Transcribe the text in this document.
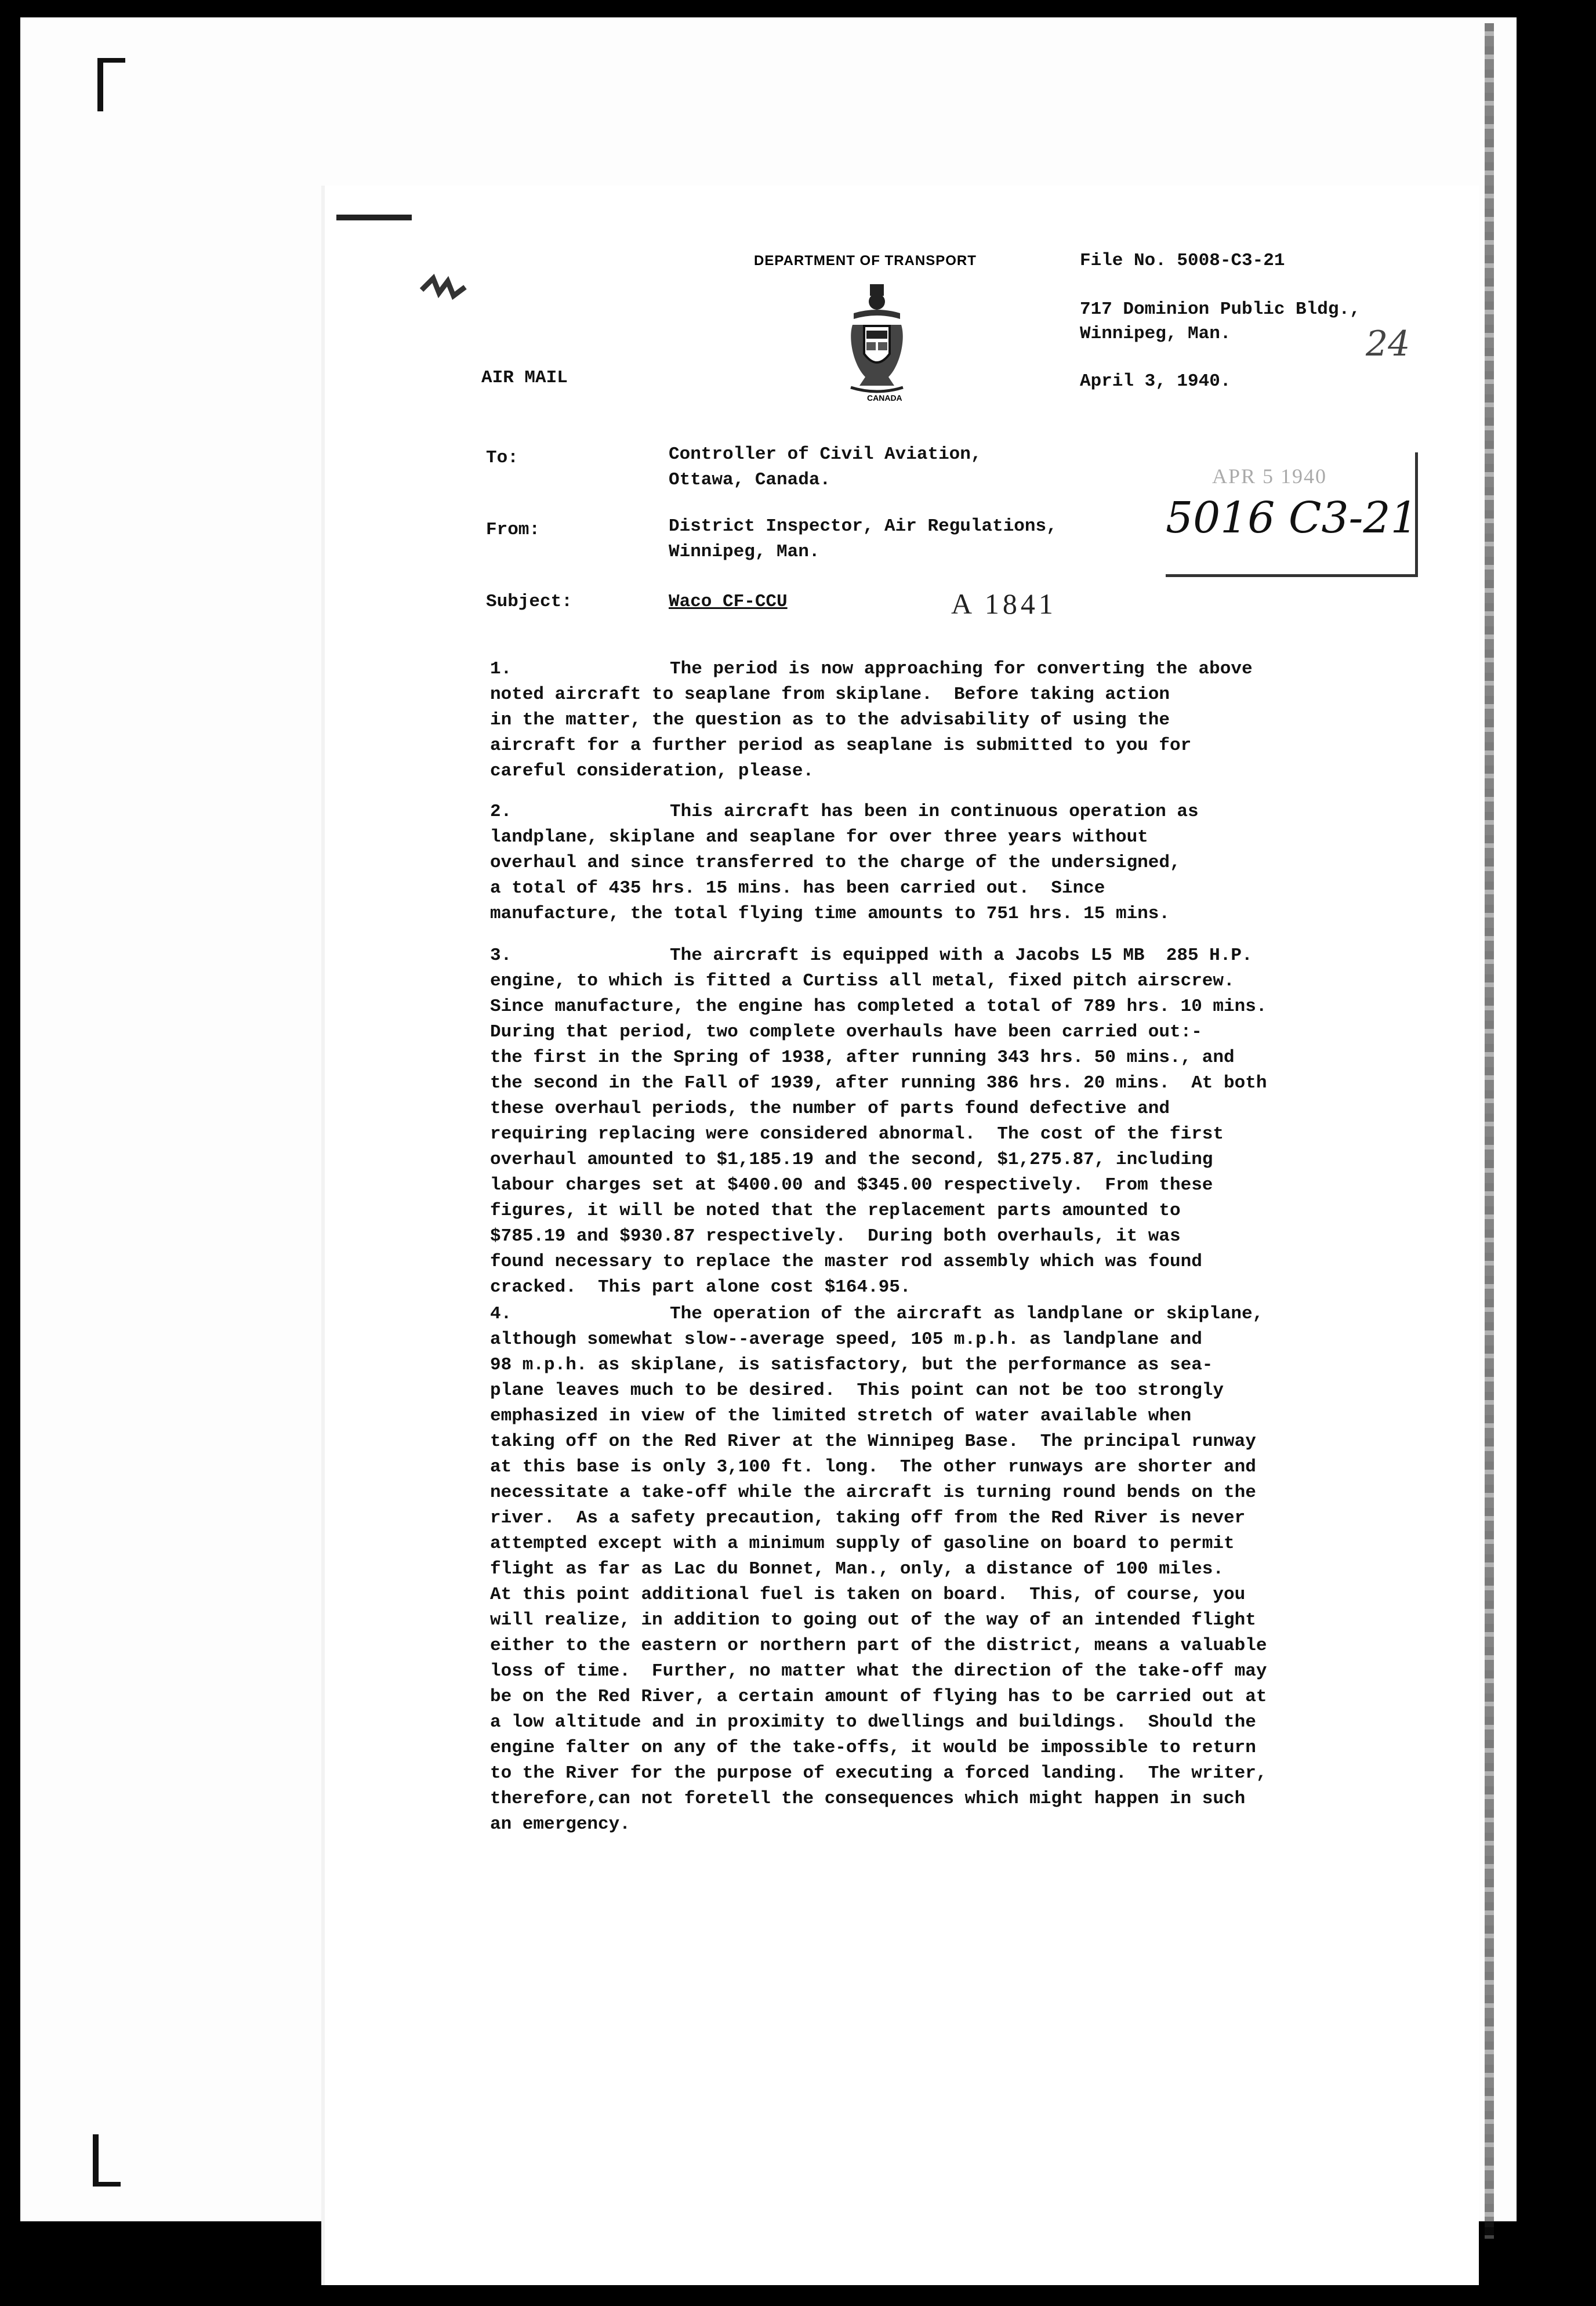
DEPARTMENT OF TRANSPORT
CANADA
File No. 5008-C3-21
717 Dominion Public Bldg.,
Winnipeg, Man.
April 3, 1940.
AIR MAIL
24
APR 5 1940
5016 C3-21
To:	Controller of Civil Aviation,
Ottawa, Canada.
From:	District Inspector, Air Regulations,
Winnipeg, Man.
Subject:	Waco CF-CCU	A 1841
1.	The period is now approaching for converting the above
noted aircraft to seaplane from skiplane.  Before taking action
in the matter, the question as to the advisability of using the
aircraft for a further period as seaplane is submitted to you for
careful consideration, please.
2.	This aircraft has been in continuous operation as
landplane, skiplane and seaplane for over three years without
overhaul and since transferred to the charge of the undersigned,
a total of 435 hrs. 15 mins. has been carried out.  Since
manufacture, the total flying time amounts to 751 hrs. 15 mins.
3.	The aircraft is equipped with a Jacobs L5 MB  285 H.P.
engine, to which is fitted a Curtiss all metal, fixed pitch airscrew.
Since manufacture, the engine has completed a total of 789 hrs. 10 mins.
During that period, two complete overhauls have been carried out:-
the first in the Spring of 1938, after running 343 hrs. 50 mins., and
the second in the Fall of 1939, after running 386 hrs. 20 mins.  At both
these overhaul periods, the number of parts found defective and
requiring replacing were considered abnormal.  The cost of the first
overhaul amounted to $1,185.19 and the second, $1,275.87, including
labour charges set at $400.00 and $345.00 respectively.  From these
figures, it will be noted that the replacement parts amounted to
$785.19 and $930.87 respectively.  During both overhauls, it was
found necessary to replace the master rod assembly which was found
cracked.  This part alone cost $164.95.
4.	The operation of the aircraft as landplane or skiplane,
although somewhat slow--average speed, 105 m.p.h. as landplane and
98 m.p.h. as skiplane, is satisfactory, but the performance as sea-
plane leaves much to be desired.  This point can not be too strongly
emphasized in view of the limited stretch of water available when
taking off on the Red River at the Winnipeg Base.  The principal runway
at this base is only 3,100 ft. long.  The other runways are shorter and
necessitate a take-off while the aircraft is turning round bends on the
river.  As a safety precaution, taking off from the Red River is never
attempted except with a minimum supply of gasoline on board to permit
flight as far as Lac du Bonnet, Man., only, a distance of 100 miles.
At this point additional fuel is taken on board.  This, of course, you
will realize, in addition to going out of the way of an intended flight
either to the eastern or northern part of the district, means a valuable
loss of time.  Further, no matter what the direction of the take-off may
be on the Red River, a certain amount of flying has to be carried out at
a low altitude and in proximity to dwellings and buildings.  Should the
engine falter on any of the take-offs, it would be impossible to return
to the River for the purpose of executing a forced landing.  The writer,
therefore,can not foretell the consequences which might happen in such
an emergency.
